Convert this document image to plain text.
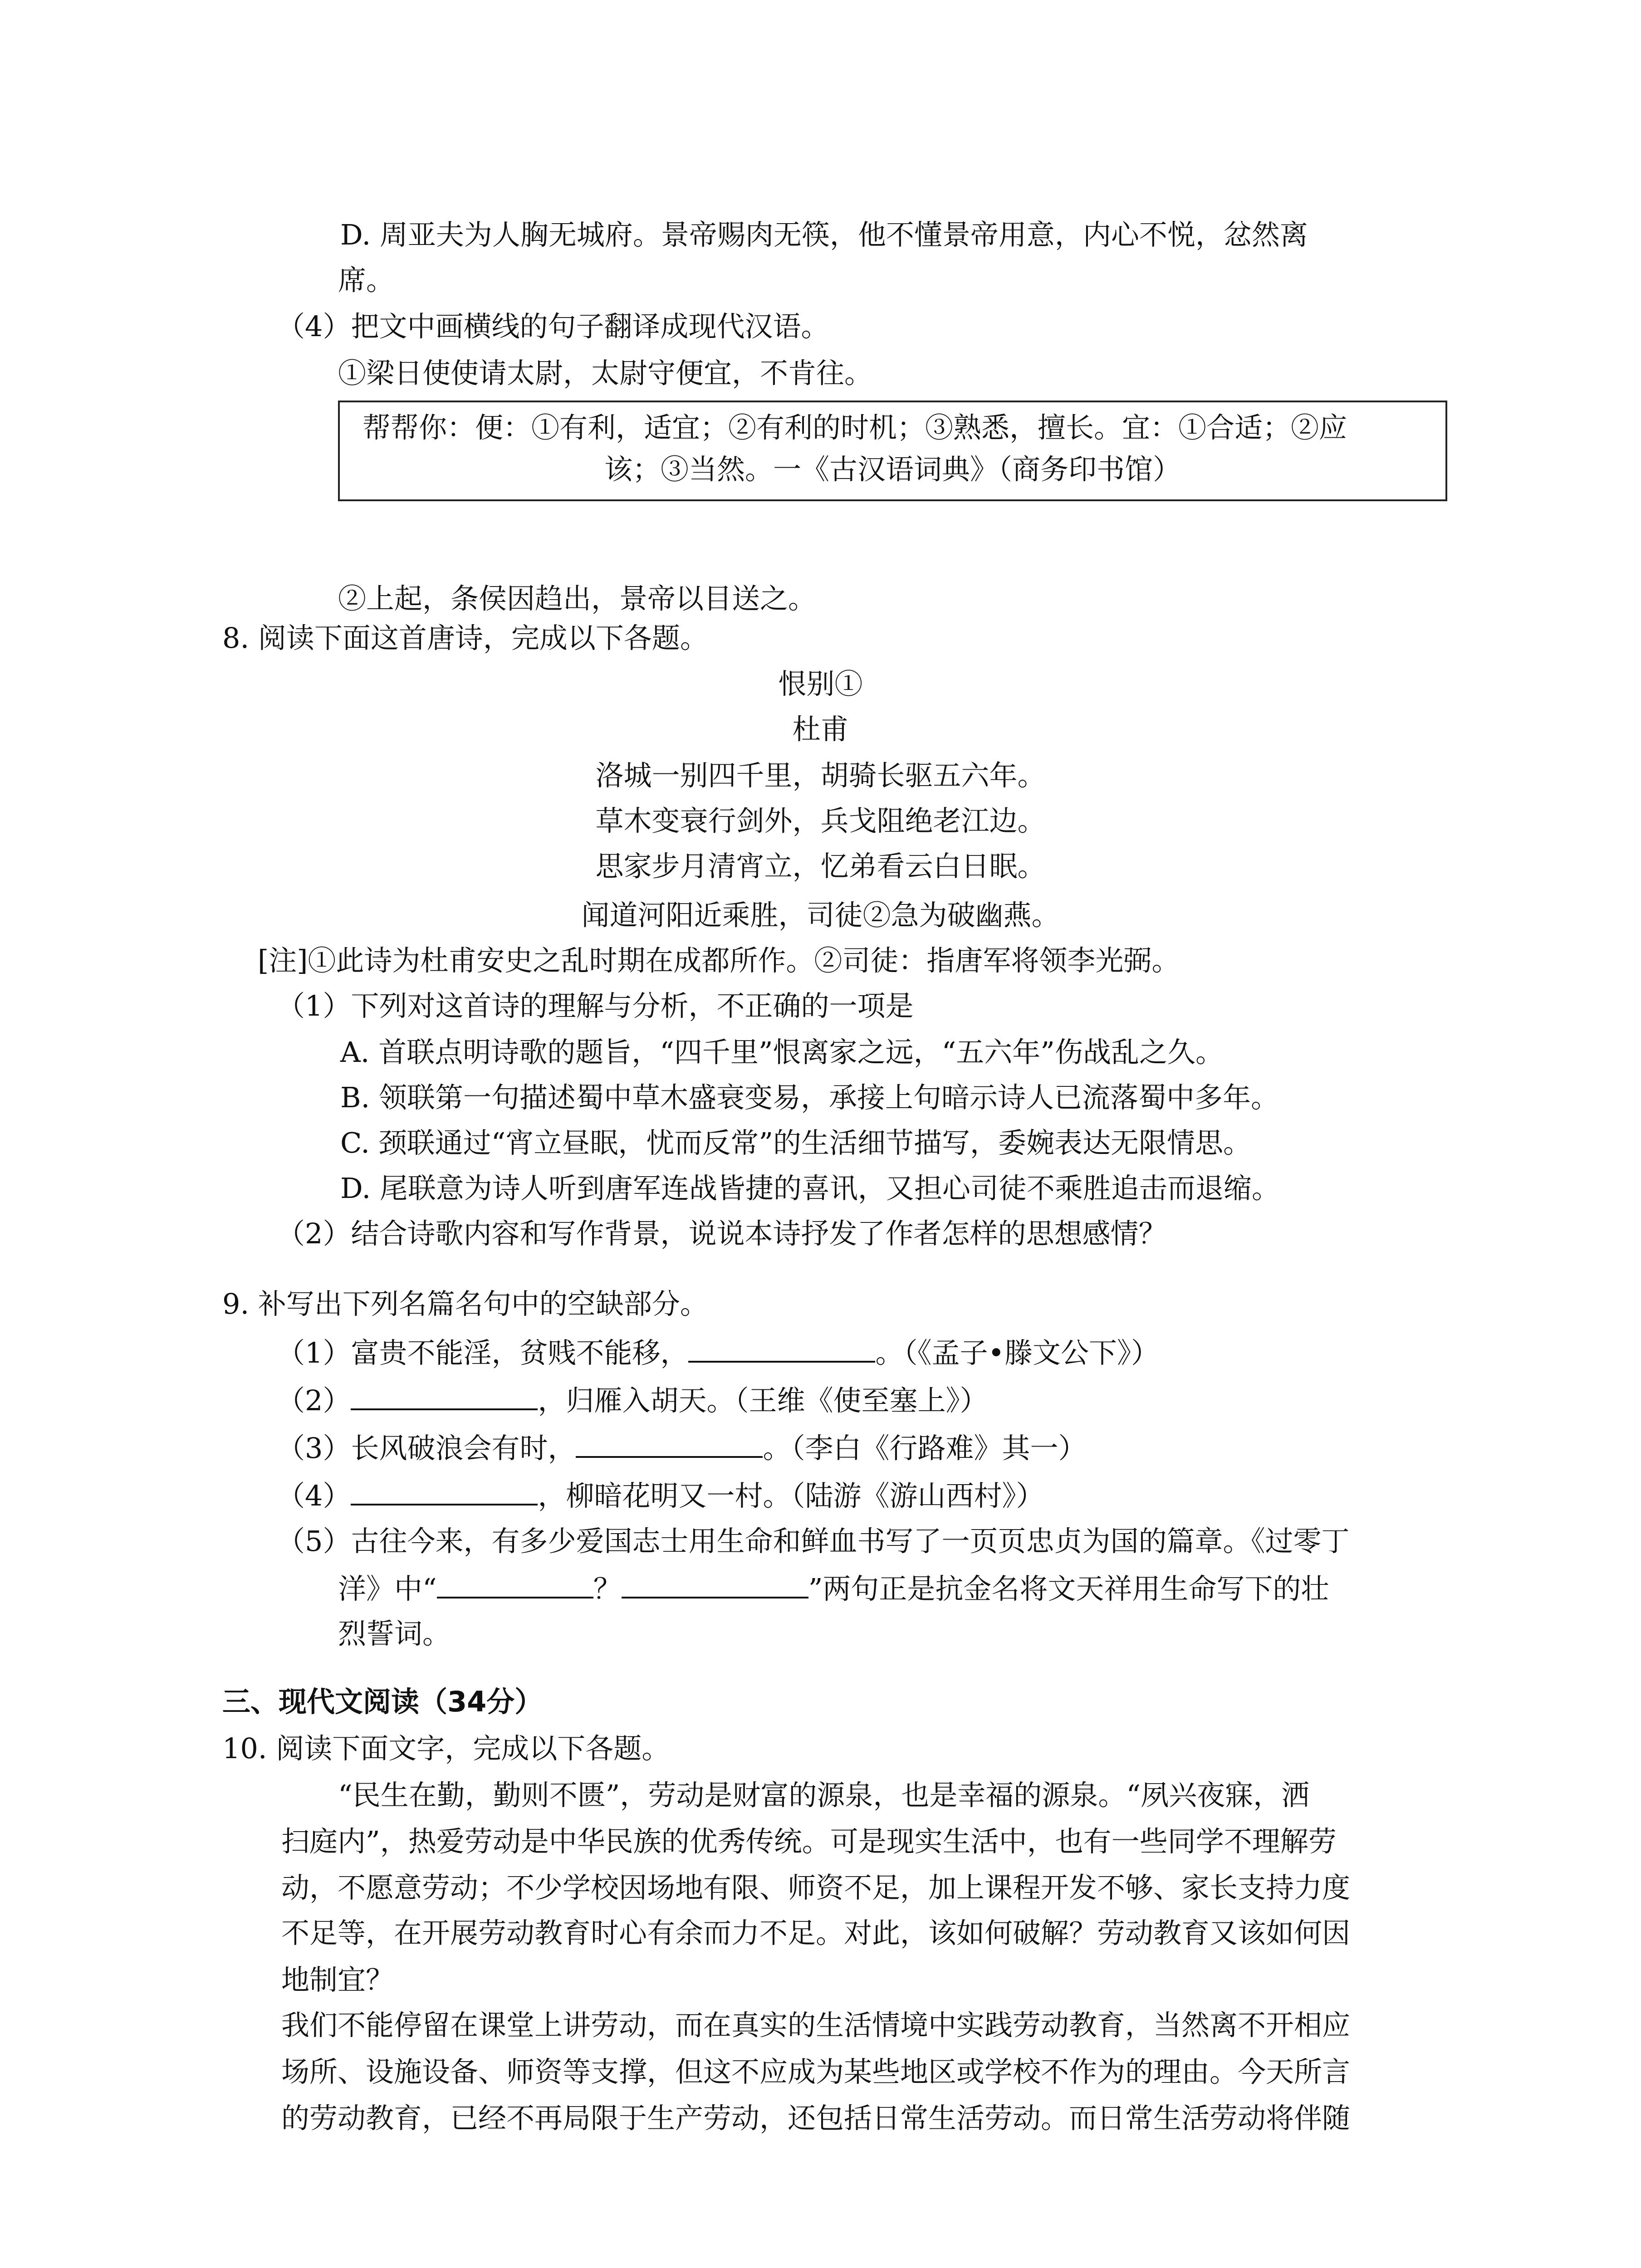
D. 周亚夫为人胸无城府。景帝赐肉无筷，他不懂景帝用意，内心不悦，忿然离
席。
（4）把文中画横线的句子翻译成现代汉语。
①梁日使使请太尉，太尉守便宜，不肯往。
帮帮你：便：①有利，适宜；②有利的时机；③熟悉，擅长。宜：①合适；②应
该；③当然。一《古汉语词典》（商务印书馆）
②上起，条侯因趋出，景帝以目送之。
8. 阅读下面这首唐诗，完成以下各题。
恨别①
杜甫
洛城一别四千里，胡骑长驱五六年。
草木变衰行剑外，兵戈阻绝老江边。
思家步月清宵立，忆弟看云白日眠。
闻道河阳近乘胜，司徒②急为破幽燕。
[注]①此诗为杜甫安史之乱时期在成都所作。②司徒：指唐军将领李光弼。
（1）下列对这首诗的理解与分析，不正确的一项是
A. 首联点明诗歌的题旨，“四千里”恨离家之远，“五六年”伤战乱之久。
B. 领联第一句描述蜀中草木盛衰变易，承接上句暗示诗人已流落蜀中多年。
C. 颈联通过“宵立昼眠，忧而反常”的生活细节描写，委婉表达无限情思。
D. 尾联意为诗人听到唐军连战皆捷的喜讯，又担心司徒不乘胜追击而退缩。
（2）结合诗歌内容和写作背景，说说本诗抒发了作者怎样的思想感情？
9. 补写出下列名篇名句中的空缺部分。
（1）富贵不能淫，贫贱不能移，	。（《孟子•滕文公下》）
（2）	，归雁入胡天。（王维《使至塞上》）
（3）长风破浪会有时，	。（李白《行路难》其一）
（4）	，柳暗花明又一村。（陆游《游山西村》）
（5）古往今来，有多少爱国志士用生命和鲜血书写了一页页忠贞为国的篇章。《过零丁
洋》中“	？	”两句正是抗金名将文天祥用生命写下的壮
烈誓词。
三、现代文阅读（34分）
10. 阅读下面文字，完成以下各题。
“民生在勤，勤则不匮”，劳动是财富的源泉，也是幸福的源泉。“夙兴夜寐，洒
扫庭内”，热爱劳动是中华民族的优秀传统。可是现实生活中，也有一些同学不理解劳
动，不愿意劳动；不少学校因场地有限、师资不足，加上课程开发不够、家长支持力度
不足等，在开展劳动教育时心有余而力不足。对此，该如何破解？劳动教育又该如何因
地制宜？
我们不能停留在课堂上讲劳动，而在真实的生活情境中实践劳动教育，当然离不开相应
场所、设施设备、师资等支撑，但这不应成为某些地区或学校不作为的理由。今天所言
的劳动教育，已经不再局限于生产劳动，还包括日常生活劳动。而日常生活劳动将伴随
